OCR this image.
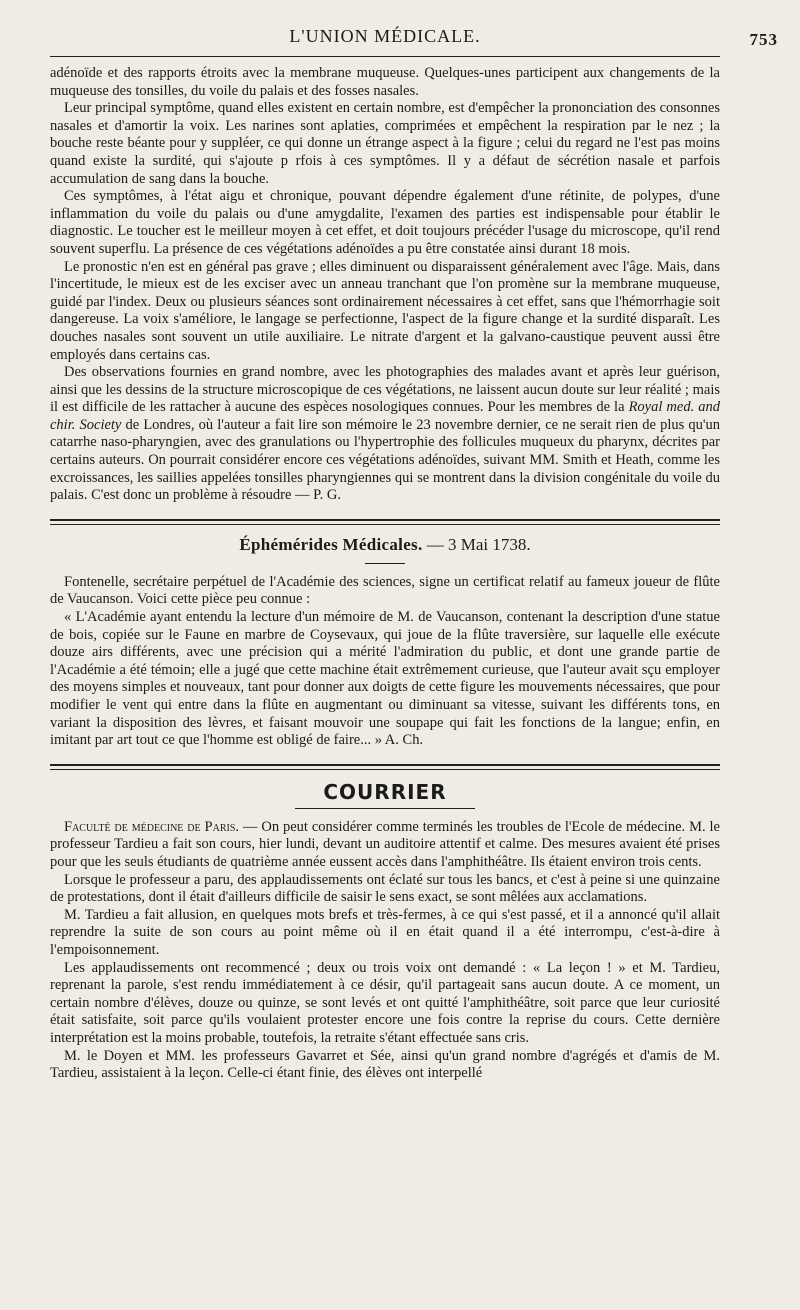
L'UNION MÉDICALE.	753

adénoïde et des rapports étroits avec la membrane muqueuse. Quelques-unes participent aux changements de la muqueuse des tonsilles, du voile du palais et des fosses nasales.

Leur principal symptôme, quand elles existent en certain nombre, est d'empêcher la prononciation des consonnes nasales et d'amortir la voix. Les narines sont aplaties, comprimées et empêchent la respiration par le nez ; la bouche reste béante pour y suppléer, ce qui donne un étrange aspect à la figure ; celui du regard ne l'est pas moins quand existe la surdité, qui s'ajoute p rfois à ces symptômes. Il y a défaut de sécrétion nasale et parfois accumulation de sang dans la bouche.

Ces symptômes, à l'état aigu et chronique, pouvant dépendre également d'une rétinite, de polypes, d'une inflammation du voile du palais ou d'une amygdalite, l'examen des parties est indispensable pour établir le diagnostic. Le toucher est le meilleur moyen à cet effet, et doit toujours précéder l'usage du microscope, qu'il rend souvent superflu. La présence de ces végétations adénoïdes a pu être constatée ainsi durant 18 mois.

Le pronostic n'en est en général pas grave ; elles diminuent ou disparaissent généralement avec l'âge. Mais, dans l'incertitude, le mieux est de les exciser avec un anneau tranchant que l'on promène sur la membrane muqueuse, guidé par l'index. Deux ou plusieurs séances sont ordinairement nécessaires à cet effet, sans que l'hémorrhagie soit dangereuse. La voix s'améliore, le langage se perfectionne, l'aspect de la figure change et la surdité disparaît. Les douches nasales sont souvent un utile auxiliaire. Le nitrate d'argent et la galvano-caustique peuvent aussi être employés dans certains cas.

Des observations fournies en grand nombre, avec les photographies des malades avant et après leur guérison, ainsi que les dessins de la structure microscopique de ces végétations, ne laissent aucun doute sur leur réalité ; mais il est difficile de les rattacher à aucune des espèces nosologiques connues. Pour les membres de la Royal med. and chir. Society de Londres, où l'auteur a fait lire son mémoire le 23 novembre dernier, ce ne serait rien de plus qu'un catarrhe naso-pharyngien, avec des granulations ou l'hypertrophie des follicules muqueux du pharynx, décrites par certains auteurs. On pourrait considérer encore ces végétations adénoïdes, suivant MM. Smith et Heath, comme les excroissances, les saillies appelées tonsilles pharyngiennes qui se montrent dans la division congénitale du voile du palais. C'est donc un problème à résoudre — P. G.

Éphémérides Médicales. — 3 Mai 1738.

Fontenelle, secrétaire perpétuel de l'Académie des sciences, signe un certificat relatif au fameux joueur de flûte de Vaucanson. Voici cette pièce peu connue :

« L'Académie ayant entendu la lecture d'un mémoire de M. de Vaucanson, contenant la description d'une statue de bois, copiée sur le Faune en marbre de Coysevaux, qui joue de la flûte traversière, sur laquelle elle exécute douze airs différents, avec une précision qui a mérité l'admiration du public, et dont une grande partie de l'Académie a été témoin; elle a jugé que cette machine était extrêmement curieuse, que l'auteur avait sçu employer des moyens simples et nouveaux, tant pour donner aux doigts de cette figure les mouvements nécessaires, que pour modifier le vent qui entre dans la flûte en augmentant ou diminuant sa vitesse, suivant les différents tons, en variant la disposition des lèvres, et faisant mouvoir une soupape qui fait les fonctions de la langue; enfin, en imitant par art tout ce que l'homme est obligé de faire... » A. Ch.

COURRIER

Faculté de médecine de Paris. — On peut considérer comme terminés les troubles de l'Ecole de médecine. M. le professeur Tardieu a fait son cours, hier lundi, devant un auditoire attentif et calme. Des mesures avaient été prises pour que les seuls étudiants de quatrième année eussent accès dans l'amphithéâtre. Ils étaient environ trois cents.

Lorsque le professeur a paru, des applaudissements ont éclaté sur tous les bancs, et c'est à peine si une quinzaine de protestations, dont il était d'ailleurs difficile de saisir le sens exact, se sont mêlées aux acclamations.

M. Tardieu a fait allusion, en quelques mots brefs et très-fermes, à ce qui s'est passé, et il a annoncé qu'il allait reprendre la suite de son cours au point même où il en était quand il a été interrompu, c'est-à-dire à l'empoisonnement.

Les applaudissements ont recommencé ; deux ou trois voix ont demandé : « La leçon ! » et M. Tardieu, reprenant la parole, s'est rendu immédiatement à ce désir, qu'il partageait sans aucun doute. A ce moment, un certain nombre d'élèves, douze ou quinze, se sont levés et ont quitté l'amphithéâtre, soit parce que leur curiosité était satisfaite, soit parce qu'ils voulaient protester encore une fois contre la reprise du cours. Cette dernière interprétation est la moins probable, toutefois, la retraite s'étant effectuée sans cris.

M. le Doyen et MM. les professeurs Gavarret et Sée, ainsi qu'un grand nombre d'agrégés et d'amis de M. Tardieu, assistaient à la leçon. Celle-ci étant finie, des élèves ont interpellé
